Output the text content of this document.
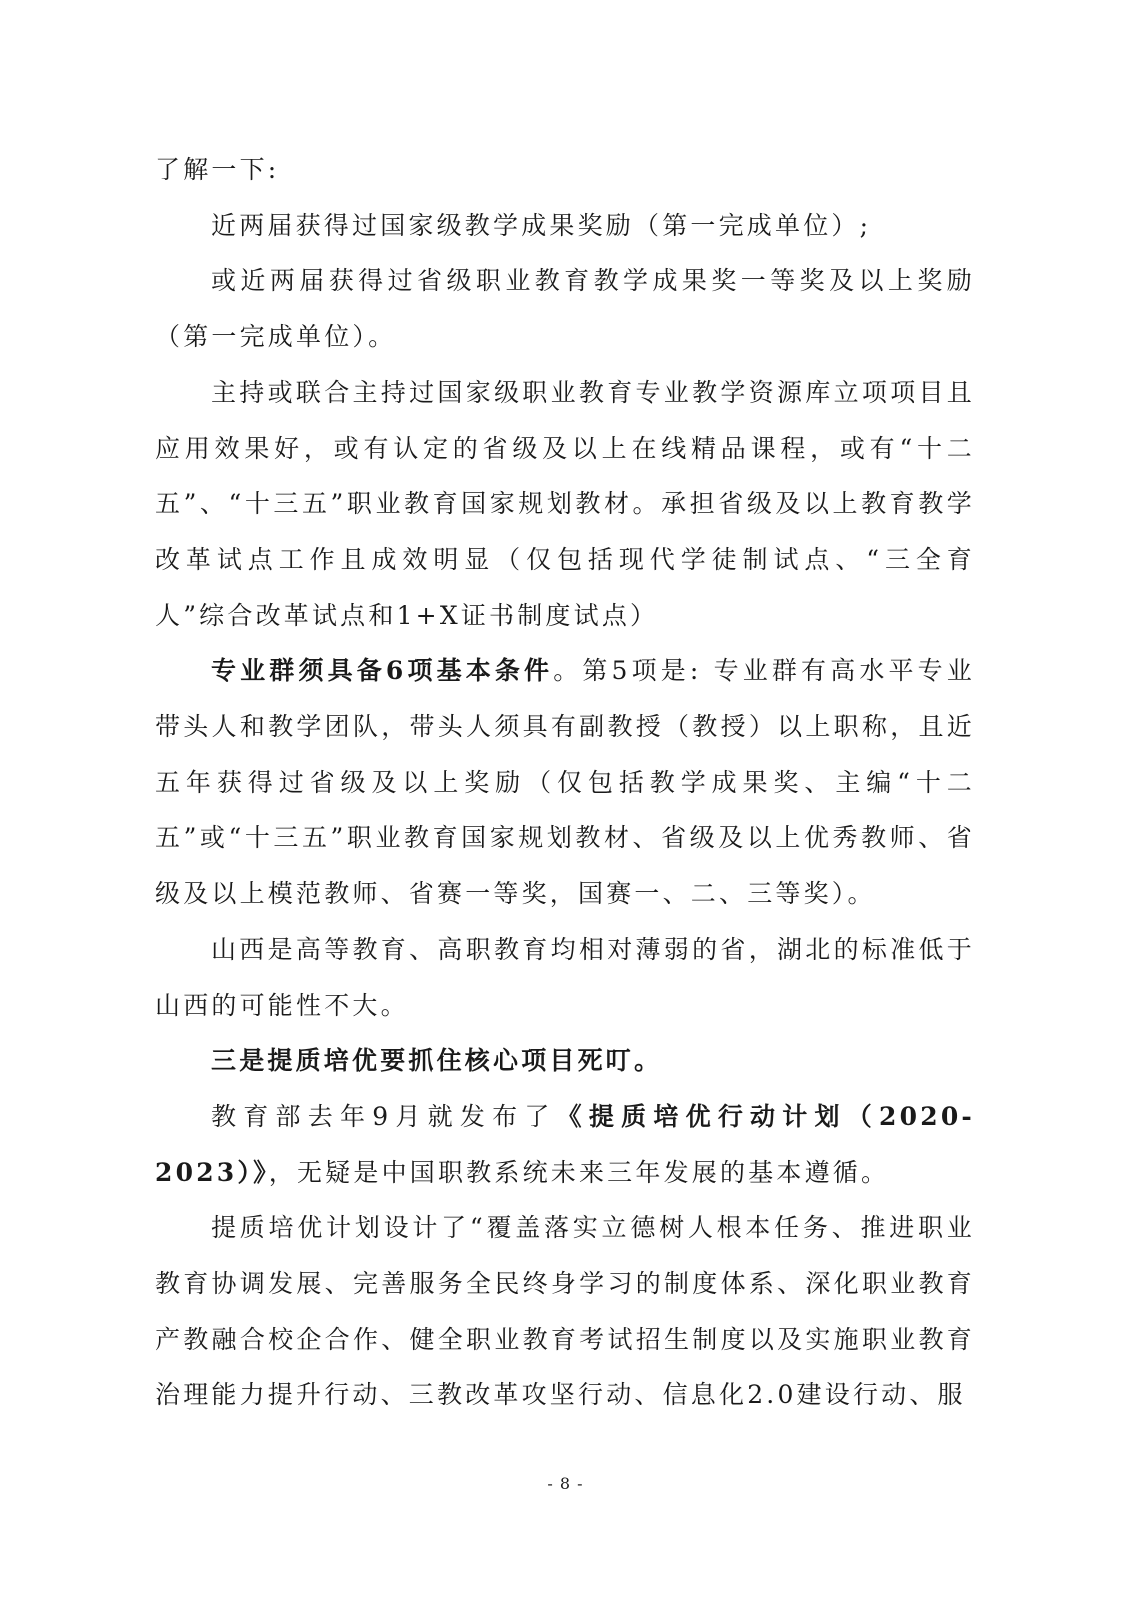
了解一下:

近两届获得过国家级教学成果奖励（第一完成单位）;

或近两届获得过省级职业教育教学成果奖一等奖及以上奖励（第一完成单位）。

主持或联合主持过国家级职业教育专业教学资源库立项项目且应用效果好，或有认定的省级及以上在线精品课程，或有“十二五”、“十三五”职业教育国家规划教材。承担省级及以上教育教学改革试点工作且成效明显（仅包括现代学徒制试点、“三全育人”综合改革试点和1+X证书制度试点）

专业群须具备6项基本条件。第5项是: 专业群有高水平专业带头人和教学团队，带头人须具有副教授（教授）以上职称，且近五年获得过省级及以上奖励（仅包括教学成果奖、主编“十二五”或“十三五”职业教育国家规划教材、省级及以上优秀教师、省级及以上模范教师、省赛一等奖，国赛一、二、三等奖）。

山西是高等教育、高职教育均相对薄弱的省，湖北的标准低于山西的可能性不大。

三是提质培优要抓住核心项目死叮。

教育部去年9月就发布了《提质培优行动计划（2020-2023）》，无疑是中国职教系统未来三年发展的基本遵循。

提质培优计划设计了“覆盖落实立德树人根本任务、推进职业教育协调发展、完善服务全民终身学习的制度体系、深化职业教育产教融合校企合作、健全职业教育考试招生制度以及实施职业教育治理能力提升行动、三教改革攻坚行动、信息化2.0建设行动、服

- 8 -
